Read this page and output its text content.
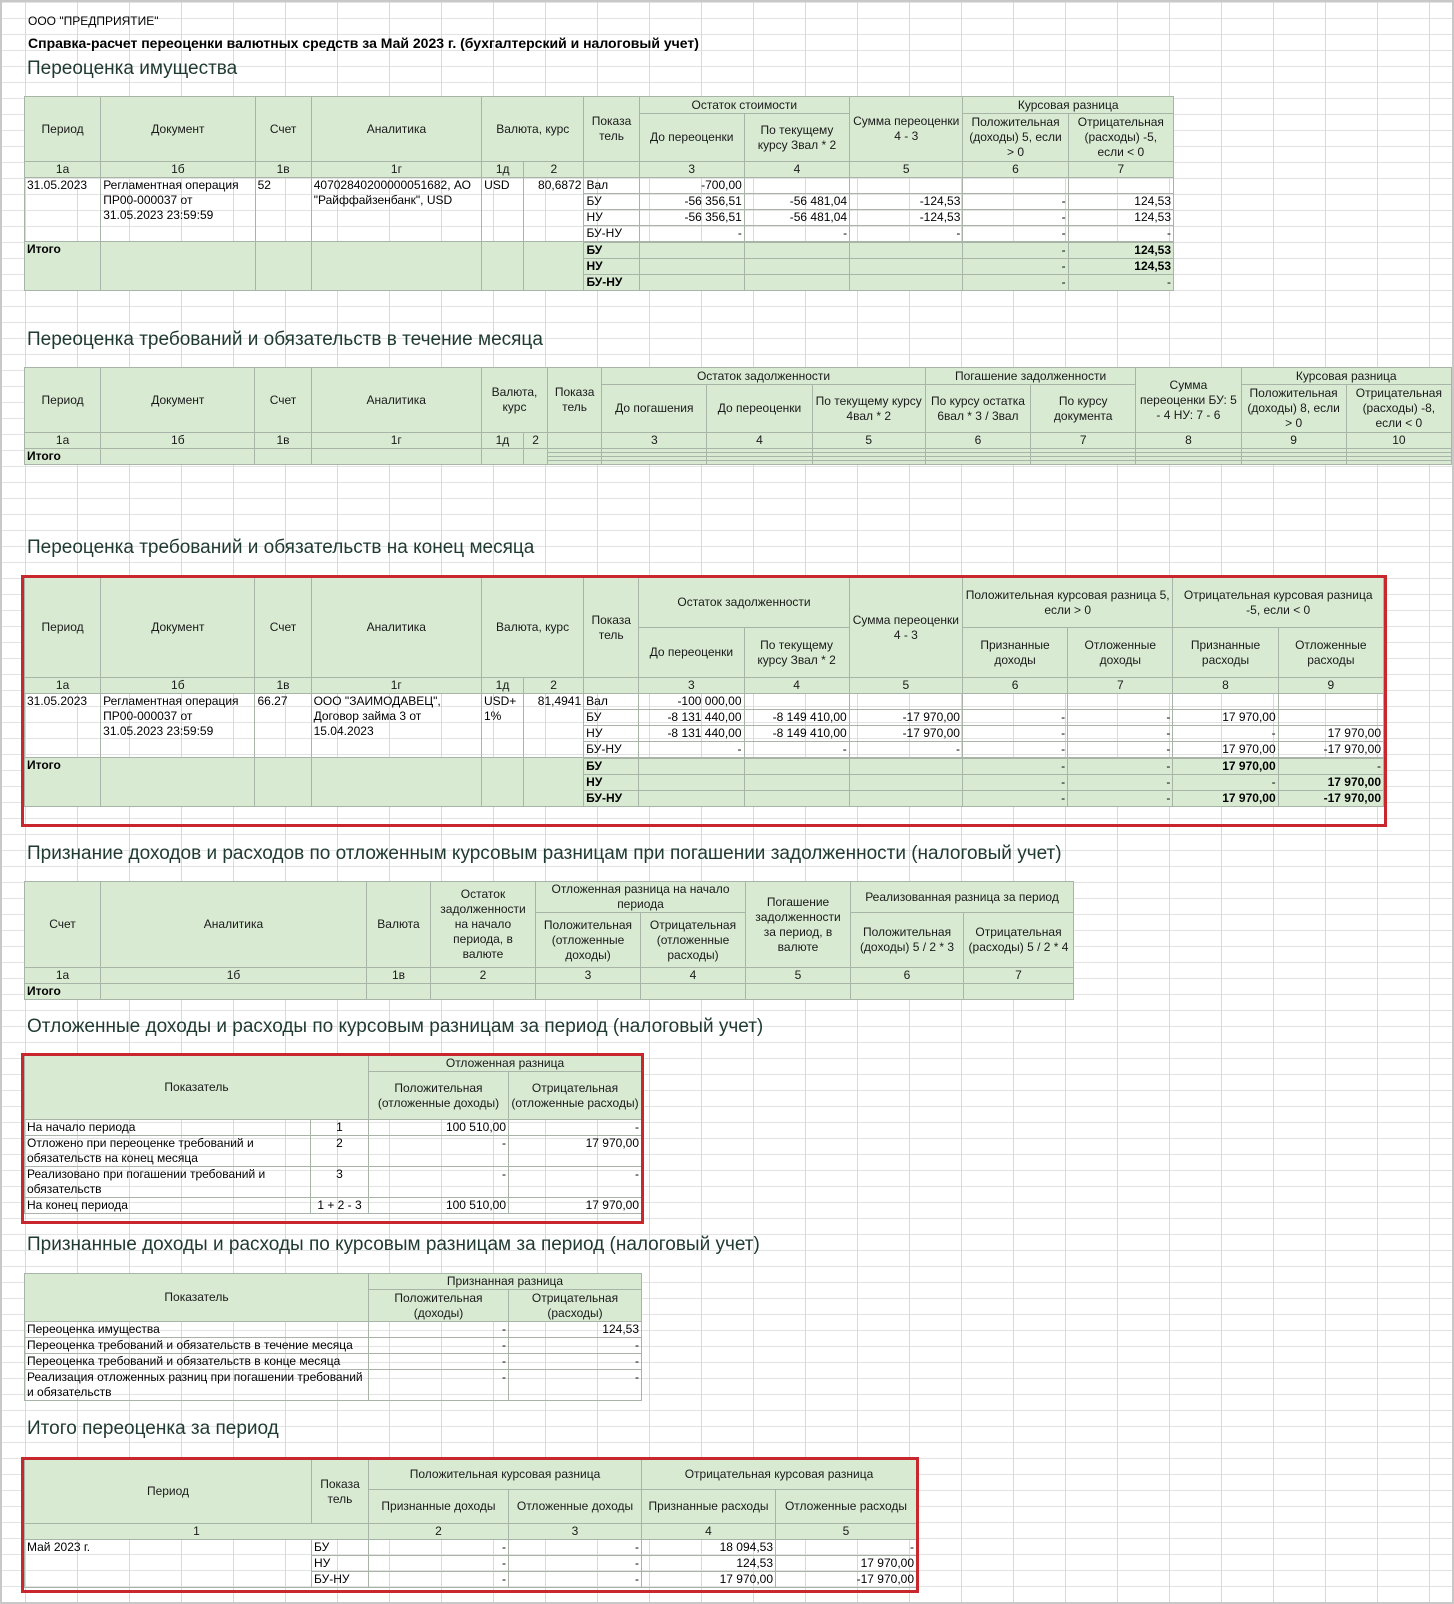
ООО "ПРЕДПРИЯТИЕ"
Справка-расчет переоценки валютных средств за Май 2023 г. (бухгалтерский и налоговый учет)
Переоценка имущества
Период	Документ	Счет	Аналитика	Валюта, курс		Показа тель	Остаток стоимости		Сумма переоценки 4 - 3	Курсовая разница	
							До переоценки	По текущему курсу Звал * 2		Положительная (доходы) 5, если > 0	Отрицательная (расходы) -5, если < 0

1а	1б	1в	1г	1д	2		3	4	5	6	7
31.05.2023	Регламентная операция ПР00-000037 от 31.05.2023 23:59:59	52	40702840200000051682, АО "Райффайзенбанк", USD	USD	80,6872	Вал	-700,00				
						БУ	-56 356,51	-56 481,04	-124,53	-	124,53
						НУ	-56 356,51	-56 481,04	-124,53	-	124,53
						БУ-НУ	-	-	-	-	-
Итого											
						БУ				-	124,53
						НУ				-	124,53
						БУ-НУ				-	-
Переоценка требований и обязательств в течение месяца
Период	Документ	Счет	Аналитика	Валюта, курс		Показа тель	Остаток задолженности			Погашение задолженности		Сумма переоценки БУ: 5 - 4 НУ: 7 - 6	Курсовая разница	
							До погашения	До переоценки	По текущему курсу 4вал * 2	По курсу остатка 6вал * 3 / 3вал	По курсу документа		Положительная (доходы) 8, если > 0	Отрицательная (расходы) -8, если < 0

1а	1б	1в	1г	1д	2		3	4	5	6	7	8	9	10
Итого														

Переоценка требований и обязательств на конец месяца
Период	Документ	Счет	Аналитика	Валюта, курс		Показа тель	Остаток задолженности		Сумма переоценки 4 - 3	Положительная курсовая разница 5, если > 0		Отрицательная курсовая разница -5, если < 0	
							До переоценки	По текущему курсу Звал * 2		Признанные доходы	Отложенные доходы	Признанные расходы	Отложенные расходы
1а	1б	1в	1г	1д	2		3	4	5	6	7	8	9
31.05.2023	Регламентная операция ПР00-000037 от 31.05.2023 23:59:59	66.27	ООО "ЗАИМОДАВЕЦ", Договор займа 3 от 15.04.2023	USD+ 1%	81,4941	Вал	-100 000,00						
						БУ	-8 131 440,00	-8 149 410,00	-17 970,00	-	-	17 970,00	
						НУ	-8 131 440,00	-8 149 410,00	-17 970,00	-	-	-	17 970,00
						БУ-НУ	-	-	-	-	-	17 970,00	-17 970,00
Итого													
						БУ				-	-	17 970,00	-
						НУ				-	-	-	17 970,00
						БУ-НУ				-	-	17 970,00	-17 970,00
Признание доходов и расходов по отложенным курсовым разницам при погашении задолженности (налоговый учет)
Счет	Аналитика	Валюта	Остаток задолженности на начало периода, в валюте	Отложенная разница на начало периода		Погашение задолженности за период, в валюте	Реализованная разница за период	
				Положительная (отложенные доходы)	Отрицательная (отложенные расходы)		Положительная (доходы) 5 / 2 * 3	Отрицательная (расходы) 5 / 2 * 4
1а	1б	1в	2	3	4	5	6	7
Итого								
Отложенные доходы и расходы по курсовым разницам за период (налоговый учет)
Показатель		Отложенная разница	
		Положительная (отложенные доходы)	Отрицательная (отложенные расходы)
На начало периода	1	100 510,00	-
Отложено при переоценке требований и обязательств на конец месяца	2	-	17 970,00
Реализовано при погашении требований и обязательств	3	-	-
На конец периода	1 + 2 - 3	100 510,00	17 970,00
Признанные доходы и расходы по курсовым разницам за период (налоговый учет)
Показатель	Признанная разница	
	Положительная (доходы)	Отрицательная (расходы)
Переоценка имущества	-	124,53
Переоценка требований и обязательств в течение месяца	-	-
Переоценка требований и обязательств в конце месяца	-	-
Реализация отложенных разниц при погашении требований и обязательств	-	-
Итого переоценка за период
Период	Показа тель	Положительная курсовая разница		Отрицательная курсовая разница	
		Признанные доходы	Отложенные доходы	Признанные расходы	Отложенные расходы
1		2	3	4	5
Май 2023 г.	БУ	-	-	18 094,53	-
	НУ	-	-	124,53	17 970,00
	БУ-НУ	-	-	17 970,00	-17 970,00
